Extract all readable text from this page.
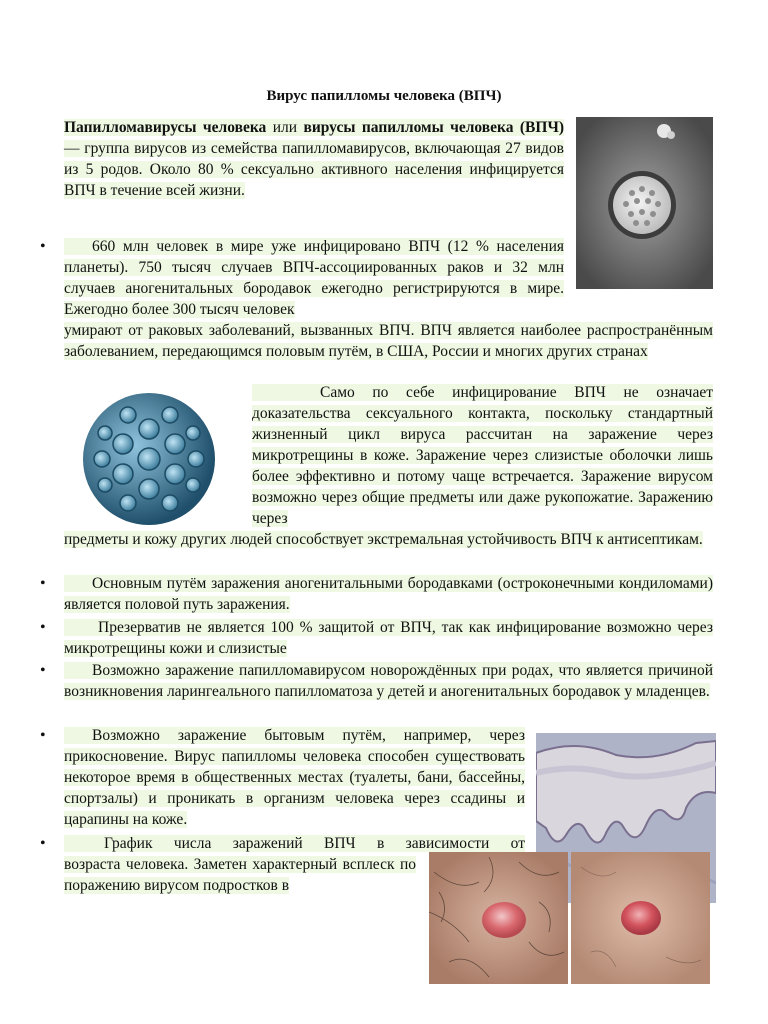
Вирус папилломы человека (ВПЧ)
Папилломавирусы человека или вирусы папилломы человека (ВПЧ)— группа вирусов из семейства папилломавирусов, включающая 27 видов из 5 родов. Около 80 % сексуально активного населения инфицируется ВПЧ в течение всей жизни.
•	660 млн человек в мире уже инфицировано ВПЧ (12 % населения планеты). 750 тысяч случаев ВПЧ-ассоциированных раков и 32 млн случаев аногенитальных бородавок ежегодно регистрируются в мире. Ежегодно более 300 тысяч человек
умирают от раковых заболеваний, вызванных ВПЧ. ВПЧ является наиболее распространённым заболеванием, передающимся половым путём, в США, России и многих других странах
Само по себе инфицирование ВПЧ не означает доказательства сексуального контакта, поскольку стандартный жизненный цикл вируса рассчитан на заражение через микротрещины в коже. Заражение через слизистые оболочки лишь более эффективно и потому чаще встречается. Заражение вирусом возможно через общие предметы или даже рукопожатие. Заражению через
предметы и кожу других людей способствует экстремальная устойчивость ВПЧ к антисептикам.
•	Основным путём заражения аногенитальными бородавками (остроконечными кондиломами) является половой путь заражения.
•	Презерватив не является 100 % защитой от ВПЧ, так как инфицирование возможно через микротрещины кожи и слизистые
•	Возможно заражение папилломавирусом новорождённых при родах, что является причиной возникновения ларингеального папилломатоза у детей и аногенитальных бородавок у младенцев.
•	Возможно заражение бытовым путём, например, через прикосновение. Вирус папилломы человека способен существовать некоторое время в общественных местах (туалеты, бани, бассейны, спортзалы) и проникать в организм человека через ссадины и царапины на коже.
•	График числа заражений ВПЧ в зависимости от
возраста человека. Заметен характерный всплеск по поражению вирусом подростков в
